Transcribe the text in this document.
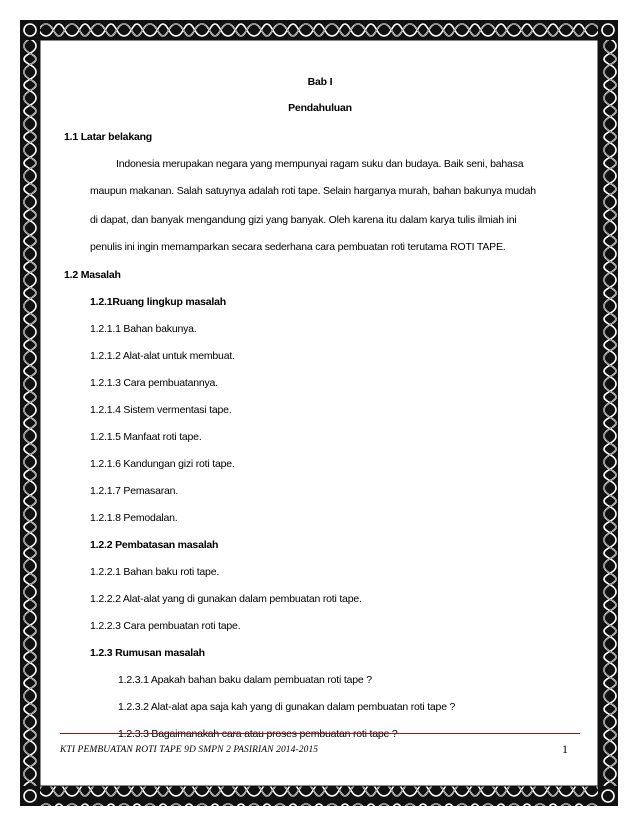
Bab I
Pendahuluan
1.1 Latar belakang
Indonesia merupakan negara yang mempunyai ragam suku dan budaya. Baik seni, bahasa
maupun makanan. Salah satuynya adalah roti tape. Selain harganya murah, bahan bakunya mudah
di dapat, dan banyak mengandung gizi yang banyak. Oleh karena itu dalam karya tulis ilmiah ini
penulis ini ingin memamparkan secara sederhana cara pembuatan roti terutama ROTI TAPE.
1.2 Masalah
1.2.1Ruang lingkup masalah
1.2.1.1 Bahan bakunya.
1.2.1.2 Alat-alat untuk membuat.
1.2.1.3 Cara pembuatannya.
1.2.1.4 Sistem vermentasi tape.
1.2.1.5 Manfaat roti tape.
1.2.1.6 Kandungan gizi roti tape.
1.2.1.7 Pemasaran.
1.2.1.8 Pemodalan.
1.2.2 Pembatasan masalah
1.2.2.1 Bahan baku roti tape.
1.2.2.2 Alat-alat yang di gunakan dalam pembuatan roti tape.
1.2.2.3 Cara pembuatan roti tape.
1.2.3 Rumusan masalah
1.2.3.1 Apakah bahan baku dalam pembuatan roti tape ?
1.2.3.2 Alat-alat apa saja kah yang di gunakan dalam pembuatan roti tape ?
1.2.3.3 Bagaimanakah cara atau proses pembuatan roti tape ?
KTI PEMBUATAN ROTI TAPE 9D SMPN 2 PASIRIAN 2014-2015	1
